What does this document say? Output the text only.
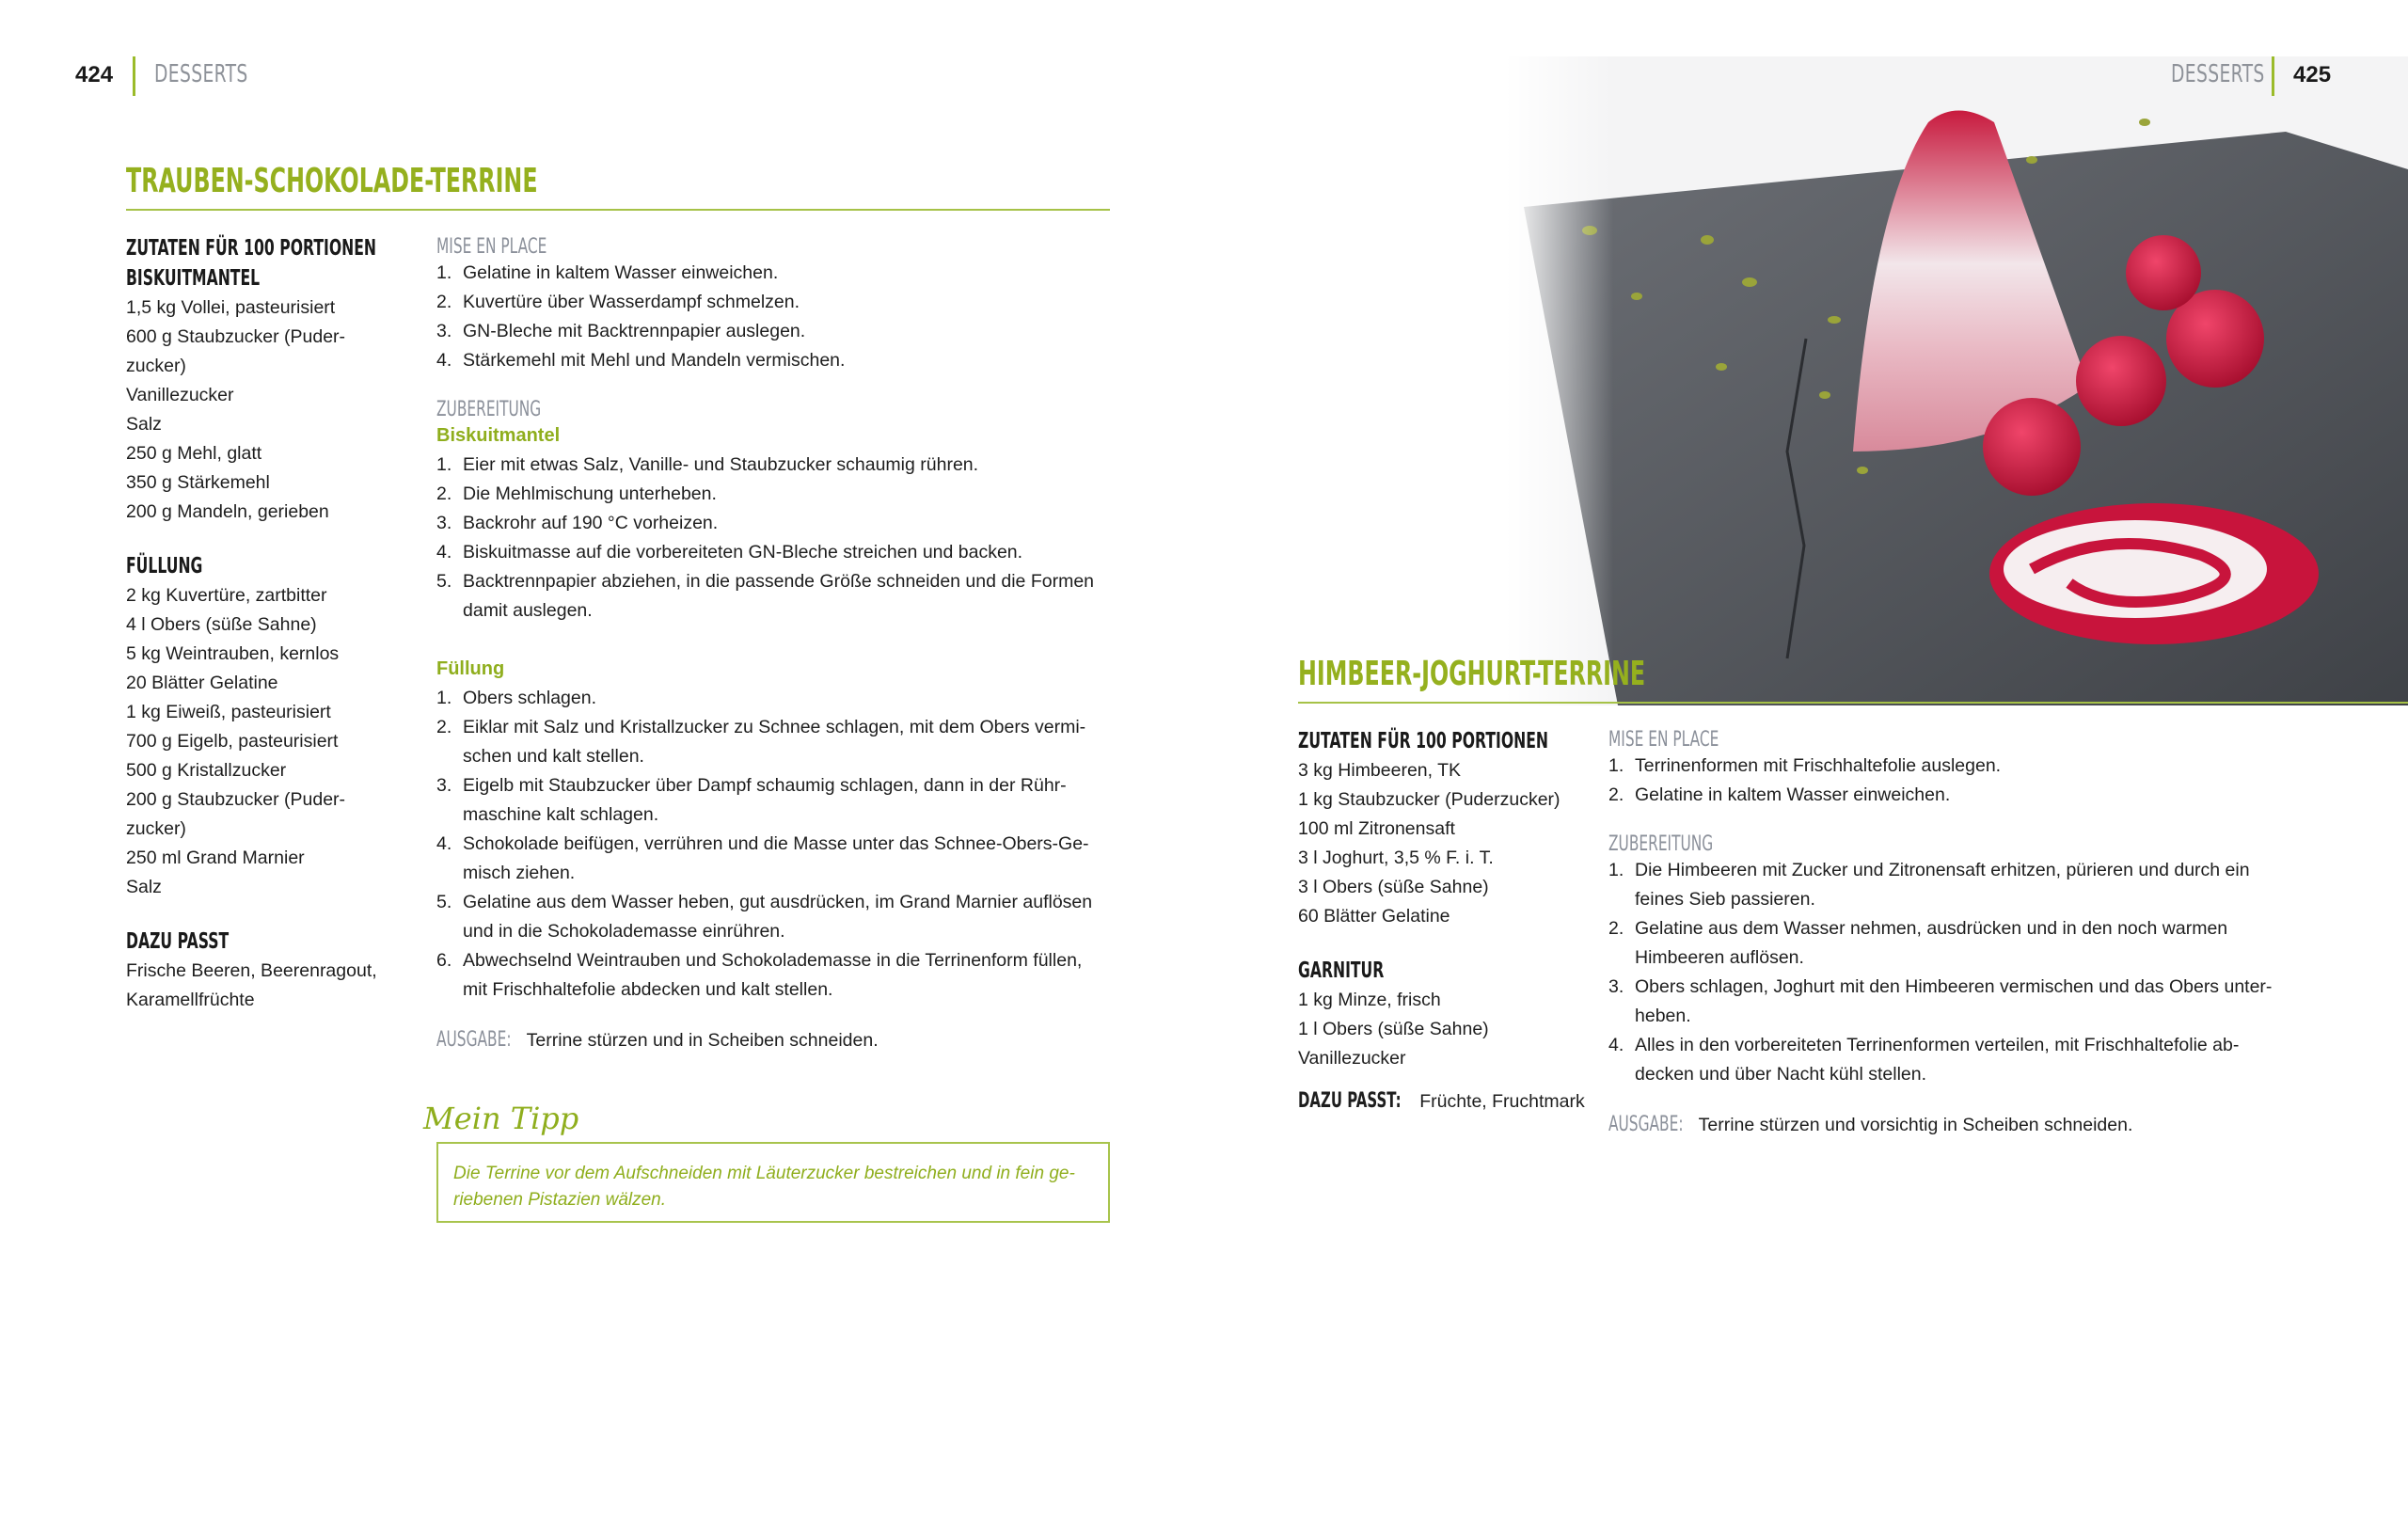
424 DESSERTS
TRAUBEN-SCHOKOLADE-TERRINE
ZUTATEN FÜR 100 PORTIONEN
BISKUITMANTEL
1,5 kg Vollei, pasteurisiert
600 g Staubzucker (Puder-
zucker)
Vanillezucker
Salz
250 g Mehl, glatt
350 g Stärkemehl
200 g Mandeln, gerieben
FÜLLUNG
2 kg Kuvertüre, zartbitter
4 l Obers (süße Sahne)
5 kg Weintrauben, kernlos
20 Blätter Gelatine
1 kg Eiweiß, pasteurisiert
700 g Eigelb, pasteurisiert
500 g Kristallzucker
200 g Staubzucker (Puder-
zucker)
250 ml Grand Marnier
Salz
DAZU PASST
Frische Beeren, Beerenragout,
Karamellfrüchte
MISE EN PLACE
1. Gelatine in kaltem Wasser einweichen.
2. Kuvertüre über Wasserdampf schmelzen.
3. GN-Bleche mit Backtrennpapier auslegen.
4. Stärkemehl mit Mehl und Mandeln vermischen.
ZUBEREITUNG
Biskuitmantel
1. Eier mit etwas Salz, Vanille- und Staubzucker schaumig rühren.
2. Die Mehlmischung unterheben.
3. Backrohr auf 190 °C vorheizen.
4. Biskuitmasse auf die vorbereiteten GN-Bleche streichen und backen.
5. Backtrennpapier abziehen, in die passende Größe schneiden und die Formen
damit auslegen.
Füllung
1. Obers schlagen.
2. Eiklar mit Salz und Kristallzucker zu Schnee schlagen, mit dem Obers vermi-
schen und kalt stellen.
3. Eigelb mit Staubzucker über Dampf schaumig schlagen, dann in der Rühr-
maschine kalt schlagen.
4. Schokolade beifügen, verrühren und die Masse unter das Schnee-Obers-Ge-
misch ziehen.
5. Gelatine aus dem Wasser heben, gut ausdrücken, im Grand Marnier auflösen
und in die Schokolademasse einrühren.
6. Abwechselnd Weintrauben und Schokolademasse in die Terrinenform füllen,
mit Frischhaltefolie abdecken und kalt stellen.
AUSGABE: Terrine stürzen und in Scheiben schneiden.
Mein Tipp
Die Terrine vor dem Aufschneiden mit Läuterzucker bestreichen und in fein ge-
riebenen Pistazien wälzen.
DESSERTS 425
HIMBEER-JOGHURT-TERRINE
ZUTATEN FÜR 100 PORTIONEN
3 kg Himbeeren, TK
1 kg Staubzucker (Puderzucker)
100 ml Zitronensaft
3 l Joghurt, 3,5 % F. i. T.
3 l Obers (süße Sahne)
60 Blätter Gelatine
GARNITUR
1 kg Minze, frisch
1 l Obers (süße Sahne)
Vanillezucker
DAZU PASST: Früchte, Fruchtmark
MISE EN PLACE
1. Terrinenformen mit Frischhaltefolie auslegen.
2. Gelatine in kaltem Wasser einweichen.
ZUBEREITUNG
1. Die Himbeeren mit Zucker und Zitronensaft erhitzen, pürieren und durch ein
feines Sieb passieren.
2. Gelatine aus dem Wasser nehmen, ausdrücken und in den noch warmen
Himbeeren auflösen.
3. Obers schlagen, Joghurt mit den Himbeeren vermischen und das Obers unter-
heben.
4. Alles in den vorbereiteten Terrinenformen verteilen, mit Frischhaltefolie ab-
decken und über Nacht kühl stellen.
AUSGABE: Terrine stürzen und vorsichtig in Scheiben schneiden.
